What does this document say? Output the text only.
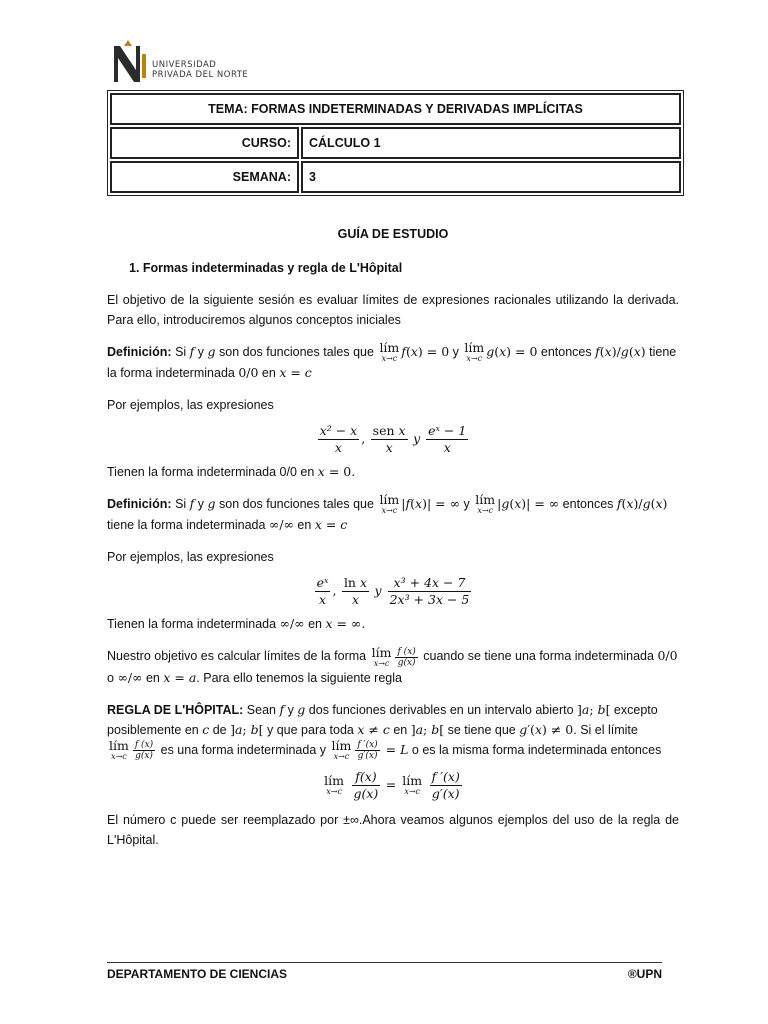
UNIVERSIDAD
PRIVADA DEL NORTE
TEMA: FORMAS INDETERMINADAS Y DERIVADAS IMPLÍCITAS
CURSO:	CÁLCULO 1
SEMANA:	3

GUÍA DE ESTUDIO

1. Formas indeterminadas y regla de L'Hôpital

El objetivo de la siguiente sesión es evaluar límites de expresiones racionales utilizando la derivada. Para ello, introduciremos algunos conceptos iniciales

Definición: Si f y g son dos funciones tales que lím
x→c f(x) = 0 y lím
x→c g(x) = 0 entonces f(x)/g(x) tiene la forma indeterminada 0/0 en x = c

Por ejemplos, las expresiones

$\frac{\text{x² − x}}{x}$ , $\frac{\text{sen x}}{x}$ y $\frac{\text{eˣ − 1}}{x}$

Tienen la forma indeterminada 0/0 en x = 0.

Definición: Si f y g son dos funciones tales que lím
x→c |f(x)| = ∞ y lím
x→c |g(x)| = ∞ entonces f(x)/g(x) tiene la forma indeterminada ∞/∞ en x = c

Por ejemplos, las expresiones

$\frac{\text{eˣ}}{x}$ , $\frac{\text{ln x}}{x}$ y $\frac{\text{x³ + 4x − 7}}{\text{2x³ + 3x − 5}}$

Tienen la forma indeterminada ∞/∞ en x = ∞.

Nuestro objetivo es calcular límites de la forma lím
$x\to c \frac{f (x)}{g(x)}$ cuando se tiene una forma indeterminada 0/0 o ∞/∞ en x = a. Para ello tenemos la siguiente regla

REGLA DE L'HÔPITAL: Sean f y g dos funciones derivables en un intervalo abierto ]a; b[ excepto posiblemente en c de ]a; b[ y que para toda x ≠ c en ]a; b[ se tiene que g′(x) ≠ 0. Si el límite

lím
$x\to c \frac{f (x)}{g(x)}$ es una forma indeterminada y lím
$x\to c \frac{f '(x)}{g'(x)} = L$ o es la misma forma indeterminada entonces

lím
x→c
$\frac{f(x)}{g(x)}$ = lím
x→c
$\frac{f '(x)}{g'(x)}$

El número c puede ser reemplazado por ±∞.Ahora veamos algunos ejemplos del uso de la regla de L'Hôpital.

DEPARTAMENTO DE CIENCIAS	®UPN
